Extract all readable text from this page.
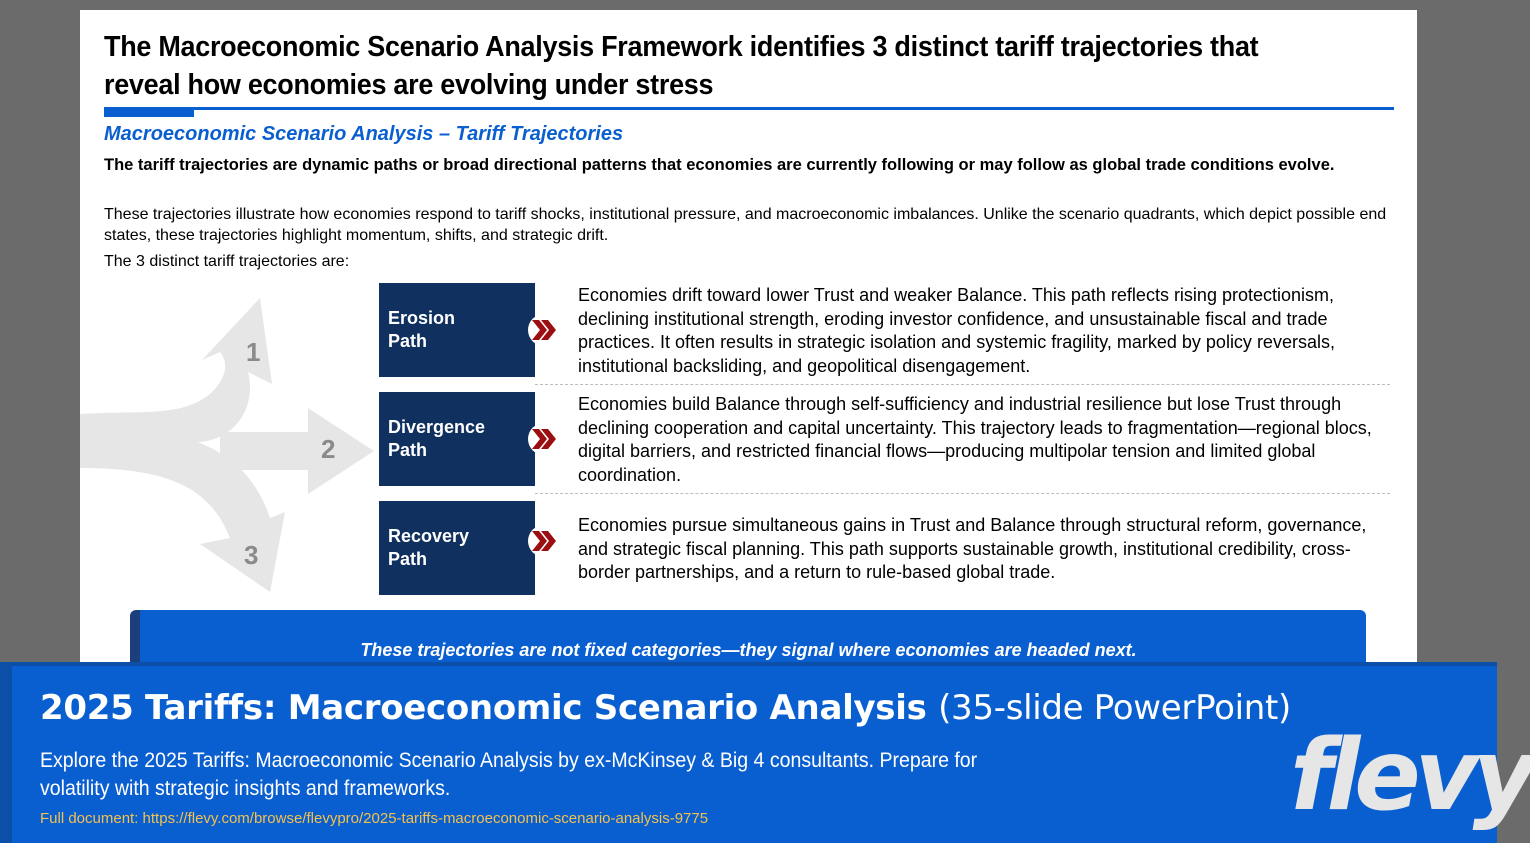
The Macroeconomic Scenario Analysis Framework identifies 3 distinct tariff trajectories that reveal how economies are evolving under stress
Macroeconomic Scenario Analysis – Tariff Trajectories
The tariff trajectories are dynamic paths or broad directional patterns that economies are currently following or may follow as global trade conditions evolve.
These trajectories illustrate how economies respond to tariff shocks, institutional pressure, and macroeconomic imbalances. Unlike the scenario quadrants, which depict possible end states, these trajectories highlight momentum, shifts, and strategic drift.
The 3 distinct tariff trajectories are:
1
2
3
Erosion
Path
Economies drift toward lower Trust and weaker Balance. This path reflects rising protectionism, declining institutional strength, eroding investor confidence, and unsustainable fiscal and trade practices. It often results in strategic isolation and systemic fragility, marked by policy reversals, institutional backsliding, and geopolitical disengagement.
Divergence
Path
Economies build Balance through self-sufficiency and industrial resilience but lose Trust through declining cooperation and capital uncertainty. This trajectory leads to fragmentation—regional blocs, digital barriers, and restricted financial flows—producing multipolar tension and limited global coordination.
Recovery
Path
Economies pursue simultaneous gains in Trust and Balance through structural reform, governance, and strategic fiscal planning. This path supports sustainable growth, institutional credibility, cross-border partnerships, and a return to rule-based global trade.
These trajectories are not fixed categories—they signal where economies are headed next.
2025 Tariffs: Macroeconomic Scenario Analysis (35-slide PowerPoint)
Explore the 2025 Tariffs: Macroeconomic Scenario Analysis by ex-McKinsey & Big 4 consultants. Prepare for volatility with strategic insights and frameworks.
Full document: https://flevy.com/browse/flevypro/2025-tariffs-macroeconomic-scenario-analysis-9775	flevy
